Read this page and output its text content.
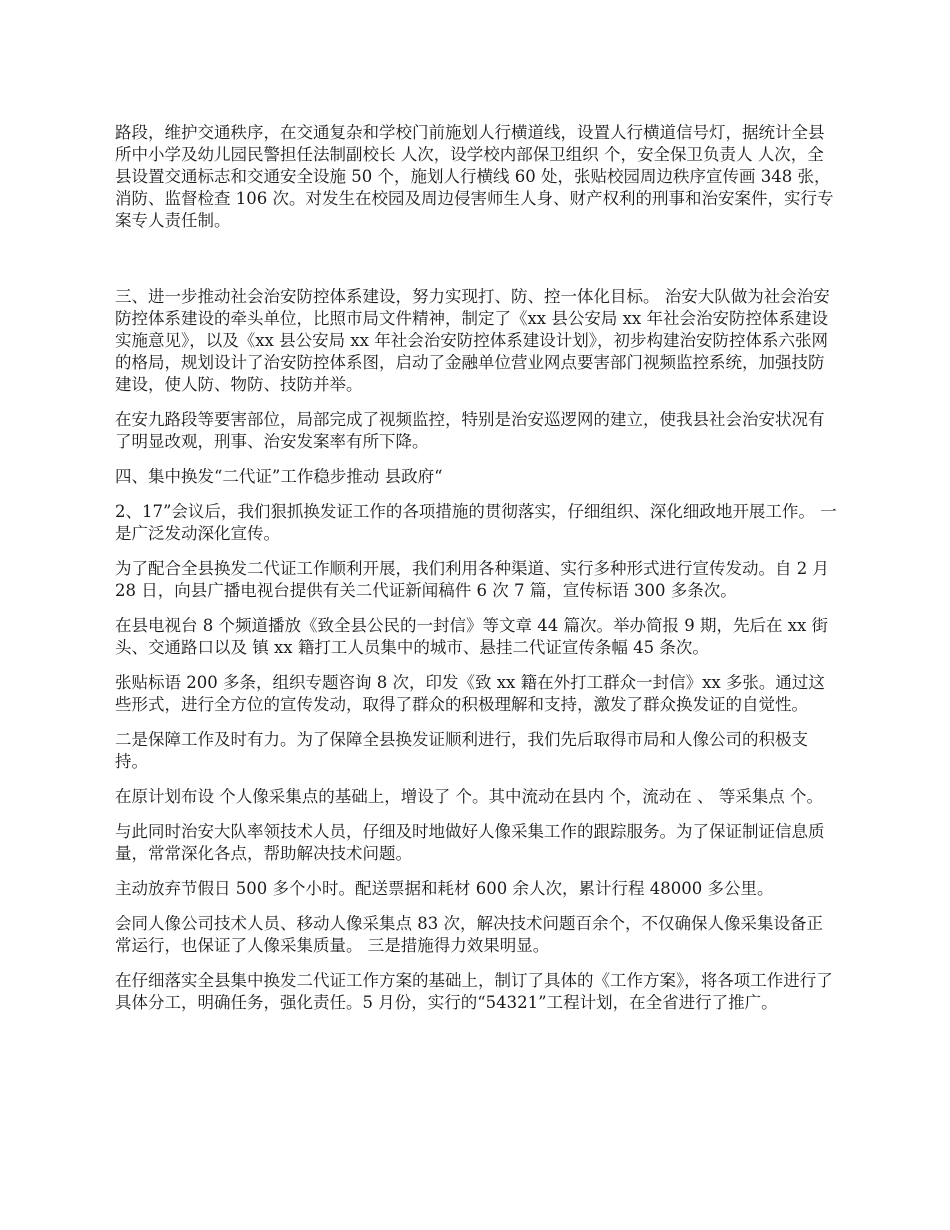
路段，维护交通秩序，在交通复杂和学校门前施划人行横道线，设置人行横道信号灯，据统计全县 所中小学及幼儿园民警担任法制副校长 人次，设学校内部保卫组织 个，安全保卫负责人 人次，全县设置交通标志和交通安全设施 50 个，施划人行横线 60 处，张贴校园周边秩序宣传画 348 张，消防、监督检查 106 次。对发生在校园及周边侵害师生人身、财产权利的刑事和治安案件，实行专案专人责任制。

三、进一步推动社会治安防控体系建设，努力实现打、防、控一体化目标。 治安大队做为社会治安防控体系建设的牵头单位，比照市局文件精神，制定了《xx 县公安局 xx 年社会治安防控体系建设实施意见》，以及《xx 县公安局 xx 年社会治安防控体系建设计划》，初步构建治安防控体系六张网的格局，规划设计了治安防控体系图，启动了金融单位营业网点要害部门视频监控系统，加强技防建设，使人防、物防、技防并举。

在安九路段等要害部位，局部完成了视频监控，特别是治安巡逻网的建立，使我县社会治安状况有了明显改观，刑事、治安发案率有所下降。

四、集中换发“二代证”工作稳步推动 县政府“

2、17”会议后，我们狠抓换发证工作的各项措施的贯彻落实，仔细组织、深化细政地开展工作。 一是广泛发动深化宣传。

为了配合全县换发二代证工作顺利开展，我们利用各种渠道、实行多种形式进行宣传发动。自 2 月 28 日，向县广播电视台提供有关二代证新闻稿件 6 次 7 篇，宣传标语 300 多条次。

在县电视台 8 个频道播放《致全县公民的一封信》等文章 44 篇次。举办简报 9 期，先后在 xx 街头、交通路口以及 镇 xx 籍打工人员集中的城市、悬挂二代证宣传条幅 45 条次。

张贴标语 200 多条，组织专题咨询 8 次，印发《致 xx 籍在外打工群众一封信》xx 多张。通过这些形式，进行全方位的宣传发动，取得了群众的积极理解和支持，激发了群众换发证的自觉性。

二是保障工作及时有力。为了保障全县换发证顺利进行，我们先后取得市局和人像公司的积极支持。

在原计划布设 个人像采集点的基础上，增设了 个。其中流动在县内 个，流动在 、 等采集点 个。

与此同时治安大队率领技术人员，仔细及时地做好人像采集工作的跟踪服务。为了保证制证信息质量，常常深化各点，帮助解决技术问题。

主动放弃节假日 500 多个小时。配送票据和耗材 600 余人次，累计行程 48000 多公里。

会同人像公司技术人员、移动人像采集点 83 次，解决技术问题百余个，不仅确保人像采集设备正常运行，也保证了人像采集质量。 三是措施得力效果明显。

在仔细落实全县集中换发二代证工作方案的基础上，制订了具体的《工作方案》，将各项工作进行了具体分工，明确任务，强化责任。5 月份，实行的“54321”工程计划，在全省进行了推广。
